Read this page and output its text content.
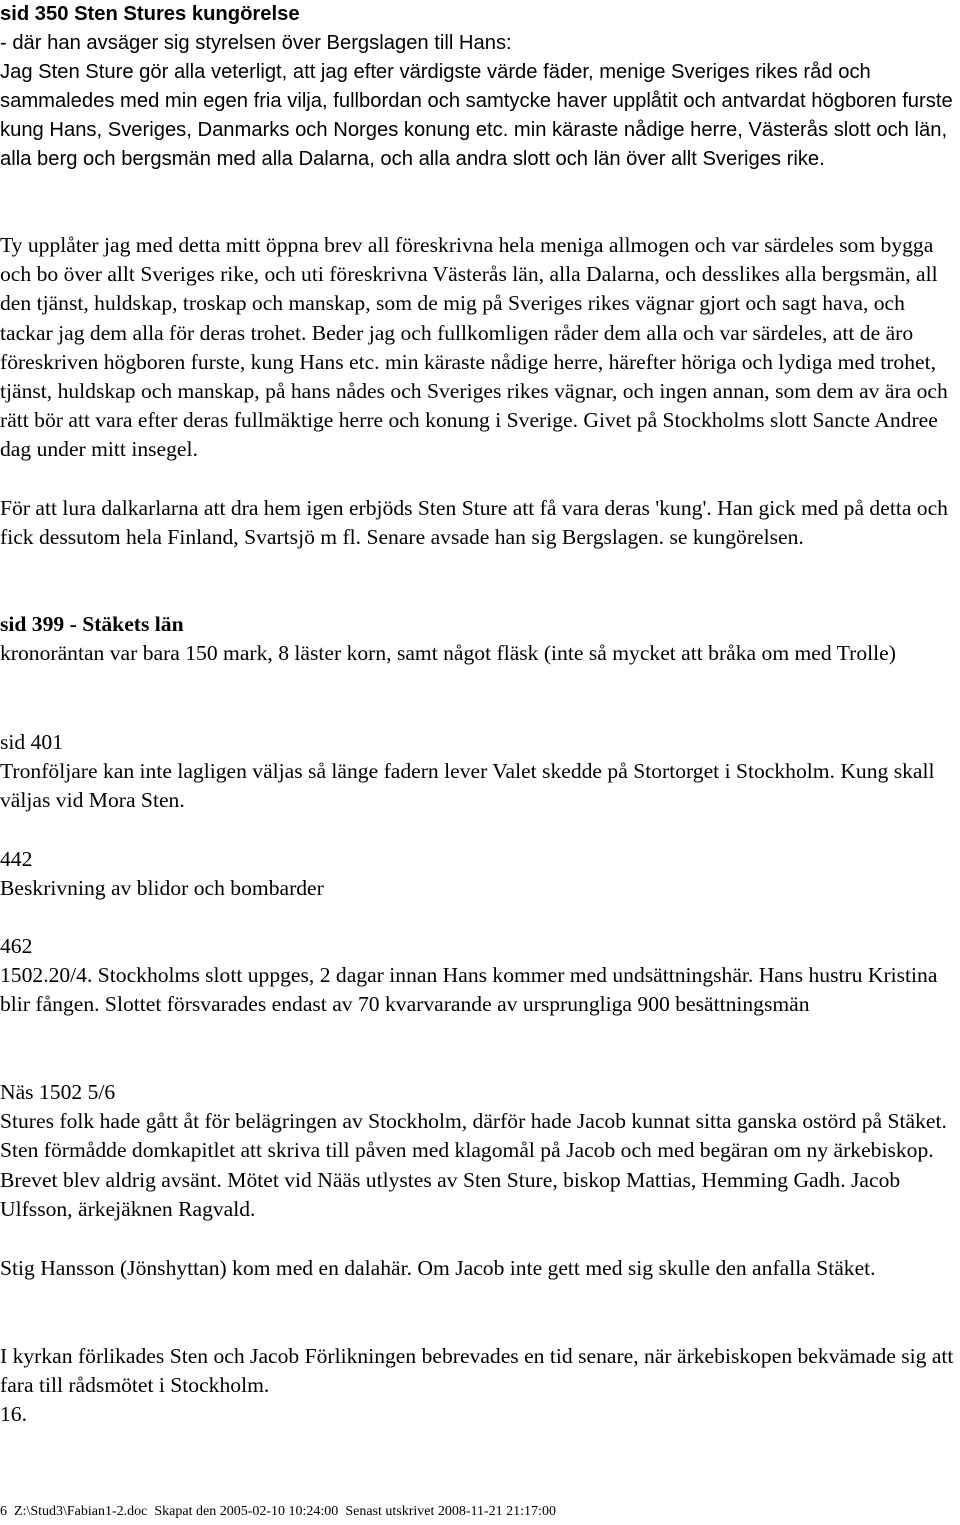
sid 350 Sten Stures kungörelse
- där han avsäger sig styrelsen över Bergslagen till Hans:
Jag Sten Sture gör alla veterligt, att jag efter värdigste värde fäder, menige Sveriges rikes råd och sammaledes med min egen fria vilja, fullbordan och samtycke haver upplåtit och antvardat högboren furste kung Hans, Sveriges, Danmarks och Norges konung etc. min käraste nådige herre, Västerås slott och län, alla berg och bergsmän med alla Dalarna, och alla andra slott och län över allt Sveriges rike.
Ty upplåter jag med detta mitt öppna brev all föreskrivna hela meniga allmogen och var särdeles som bygga och bo över allt Sveriges rike, och uti föreskrivna Västerås län, alla Dalarna, och desslikes alla bergsmän, all den tjänst, huldskap, troskap och manskap, som de mig på Sveriges rikes vägnar gjort och sagt hava, och tackar jag dem alla för deras trohet. Beder jag och fullkomligen råder dem alla och var särdeles, att de äro föreskriven högboren furste, kung Hans etc. min käraste nådige herre, härefter höriga och lydiga med trohet, tjänst, huldskap och manskap, på hans nådes och Sveriges rikes vägnar, och ingen annan, som dem av ära och rätt bör att vara efter deras fullmäktige herre och konung i Sverige. Givet på Stockholms slott Sancte Andree dag under mitt insegel.
För att lura dalkarlarna att dra hem igen erbjöds Sten Sture att få vara deras 'kung'. Han gick med på detta och fick dessutom hela Finland, Svartsjö m fl. Senare avsade han sig Bergslagen. se kungörelsen.
sid 399 - Stäkets län
kronoräntan var bara 150 mark, 8 läster korn, samt något fläsk (inte så mycket att bråka om med Trolle)
sid 401
Tronföljare kan inte lagligen väljas så länge fadern lever Valet skedde på Stortorget i Stockholm. Kung skall väljas vid Mora Sten.
442
Beskrivning av blidor och bombarder
462
1502.20/4. Stockholms slott uppges, 2 dagar innan Hans kommer med undsättningshär. Hans hustru Kristina blir fången. Slottet försvarades endast av 70 kvarvarande av ursprungliga 900 besättningsmän
Näs 1502 5/6
Stures folk hade gått åt för belägringen av Stockholm, därför hade Jacob kunnat sitta ganska ostörd på Stäket. Sten förmådde domkapitlet att skriva till påven med klagomål på Jacob och med begäran om ny ärkebiskop. Brevet blev aldrig avsänt. Mötet vid Nääs utlystes av Sten Sture, biskop Mattias, Hemming Gadh. Jacob Ulfsson, ärkejäknen Ragvald.
Stig Hansson (Jönshyttan) kom med en dalahär. Om Jacob inte gett med sig skulle den anfalla Stäket.
I kyrkan förlikades Sten och Jacob Förlikningen bebrevades en tid senare, när ärkebiskopen bekvämade sig att fara till rådsmötet i Stockholm.
16.
6 Z:\Stud3\Fabian1-2.doc Skapat den 2005-02-10 10:24:00 Senast utskrivet 2008-11-21 21:17:00
